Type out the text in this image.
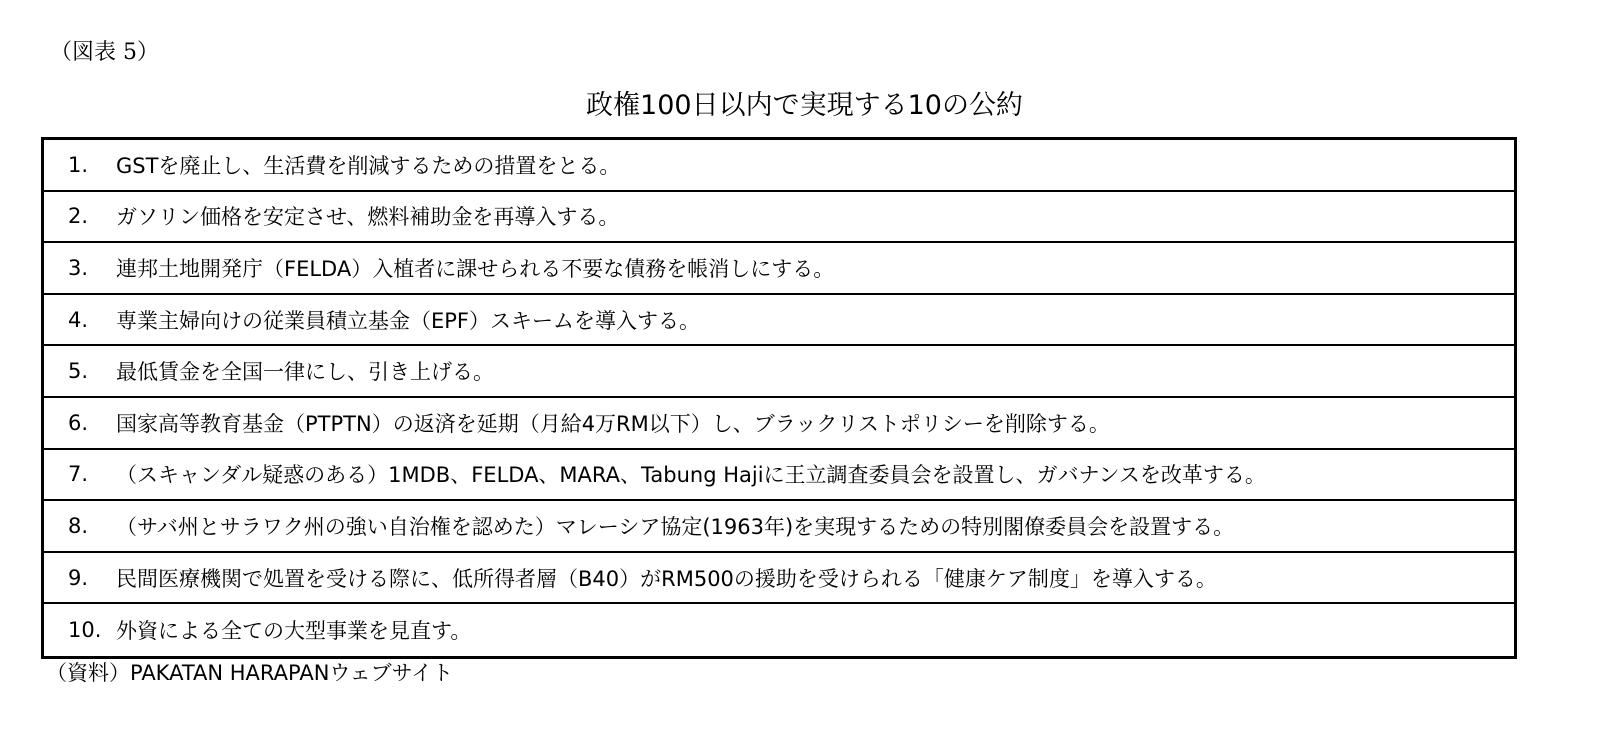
（図表 5）
政権100日以内で実現する10の公約
1.	GSTを廃止し、生活費を削減するための措置をとる。
2.	ガソリン価格を安定させ、燃料補助金を再導入する。
3.	連邦土地開発庁（FELDA）入植者に課せられる不要な債務を帳消しにする。
4.	専業主婦向けの従業員積立基金（EPF）スキームを導入する。
5.	最低賃金を全国一律にし、引き上げる。
6.	国家高等教育基金（PTPTN）の返済を延期（月給4万RM以下）し、ブラックリストポリシーを削除する。
7.	（スキャンダル疑惑のある）1MDB、FELDA、MARA、Tabung Hajiに王立調査委員会を設置し、ガバナンスを改革する。
8.	（サバ州とサラワク州の強い自治権を認めた）マレーシア協定(1963年)を実現するための特別閣僚委員会を設置する。
9.	民間医療機関で処置を受ける際に、低所得者層（B40）がRM500の援助を受けられる「健康ケア制度」を導入する。
10. 外資による全ての大型事業を見直す。
（資料）PAKATAN HARAPANウェブサイト
